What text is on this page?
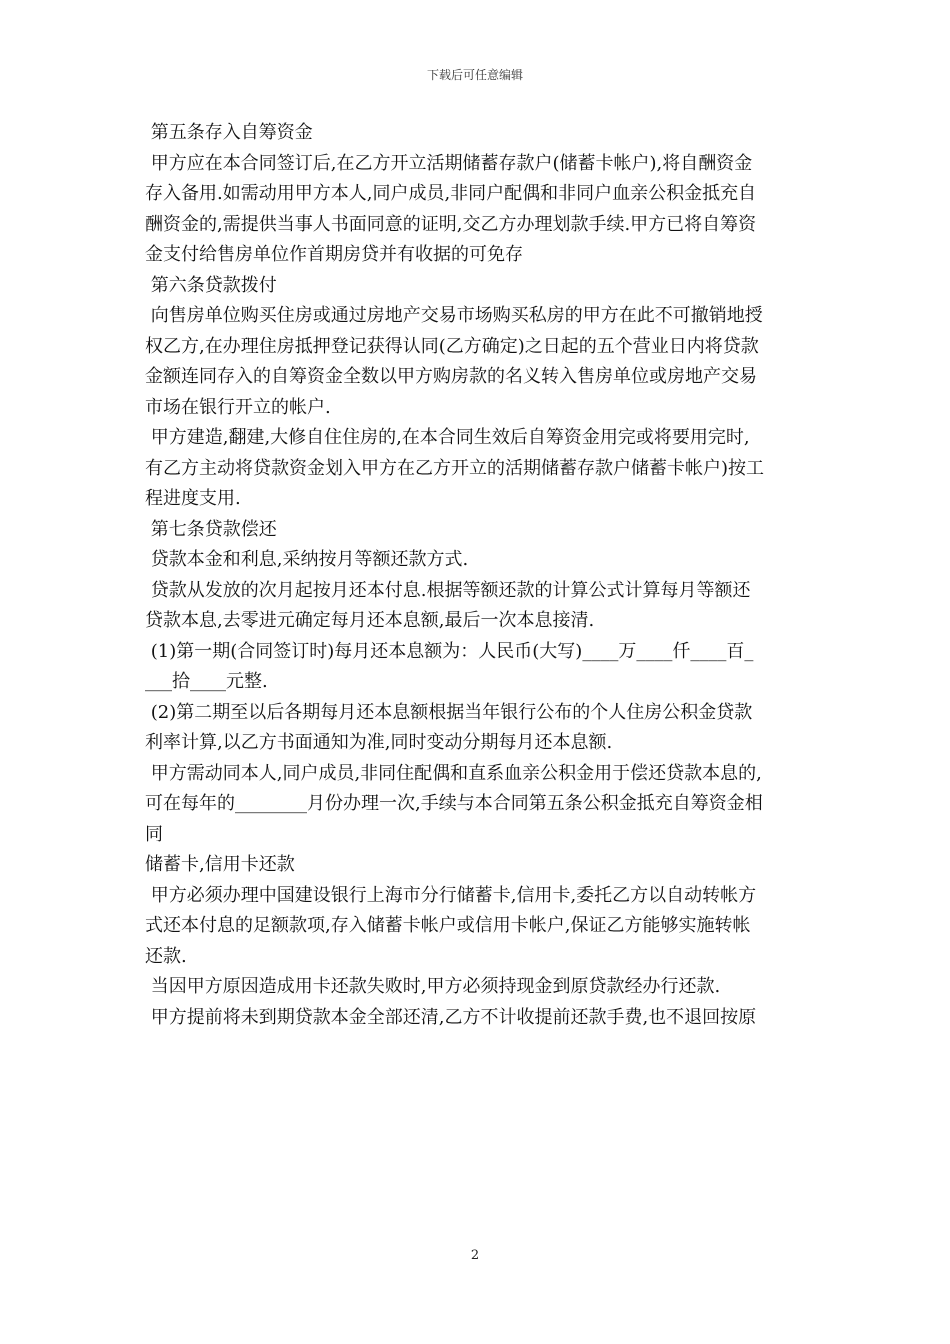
下载后可任意编辑

第五条存入自筹资金

甲方应在本合同签订后,在乙方开立活期储蓄存款户(储蓄卡帐户),将自酬资金

存入备用.如需动用甲方本人,同户成员,非同户配偶和非同户血亲公积金抵充自

酬资金的,需提供当事人书面同意的证明,交乙方办理划款手续.甲方已将自筹资

金支付给售房单位作首期房贷并有收据的可免存

第六条贷款拨付

向售房单位购买住房或通过房地产交易市场购买私房的甲方在此不可撤销地授

权乙方,在办理住房抵押登记获得认同(乙方确定)之日起的五个营业日内将贷款

金额连同存入的自筹资金全数以甲方购房款的名义转入售房单位或房地产交易

市场在银行开立的帐户.

甲方建造,翻建,大修自住住房的,在本合同生效后自筹资金用完或将要用完时,

有乙方主动将贷款资金划入甲方在乙方开立的活期储蓄存款户储蓄卡帐户)按工

程进度支用.

第七条贷款偿还

贷款本金和利息,采纳按月等额还款方式.

贷款从发放的次月起按月还本付息.根据等额还款的计算公式计算每月等额还

贷款本息,去零进元确定每月还本息额,最后一次本息接清.

(1)第一期(合同签订时)每月还本息额为：人民币(大写)____万____仟____百_

___拾____元整.

(2)第二期至以后各期每月还本息额根据当年银行公布的个人住房公积金贷款

利率计算,以乙方书面通知为准,同时变动分期每月还本息额.

甲方需动同本人,同户成员,非同住配偶和直系血亲公积金用于偿还贷款本息的,

可在每年的________月份办理一次,手续与本合同第五条公积金抵充自筹资金相

同

储蓄卡,信用卡还款

甲方必须办理中国建设银行上海市分行储蓄卡,信用卡,委托乙方以自动转帐方

式还本付息的足额款项,存入储蓄卡帐户或信用卡帐户,保证乙方能够实施转帐

还款.

当因甲方原因造成用卡还款失败时,甲方必须持现金到原贷款经办行还款.

甲方提前将未到期贷款本金全部还清,乙方不计收提前还款手费,也不退回按原

2
